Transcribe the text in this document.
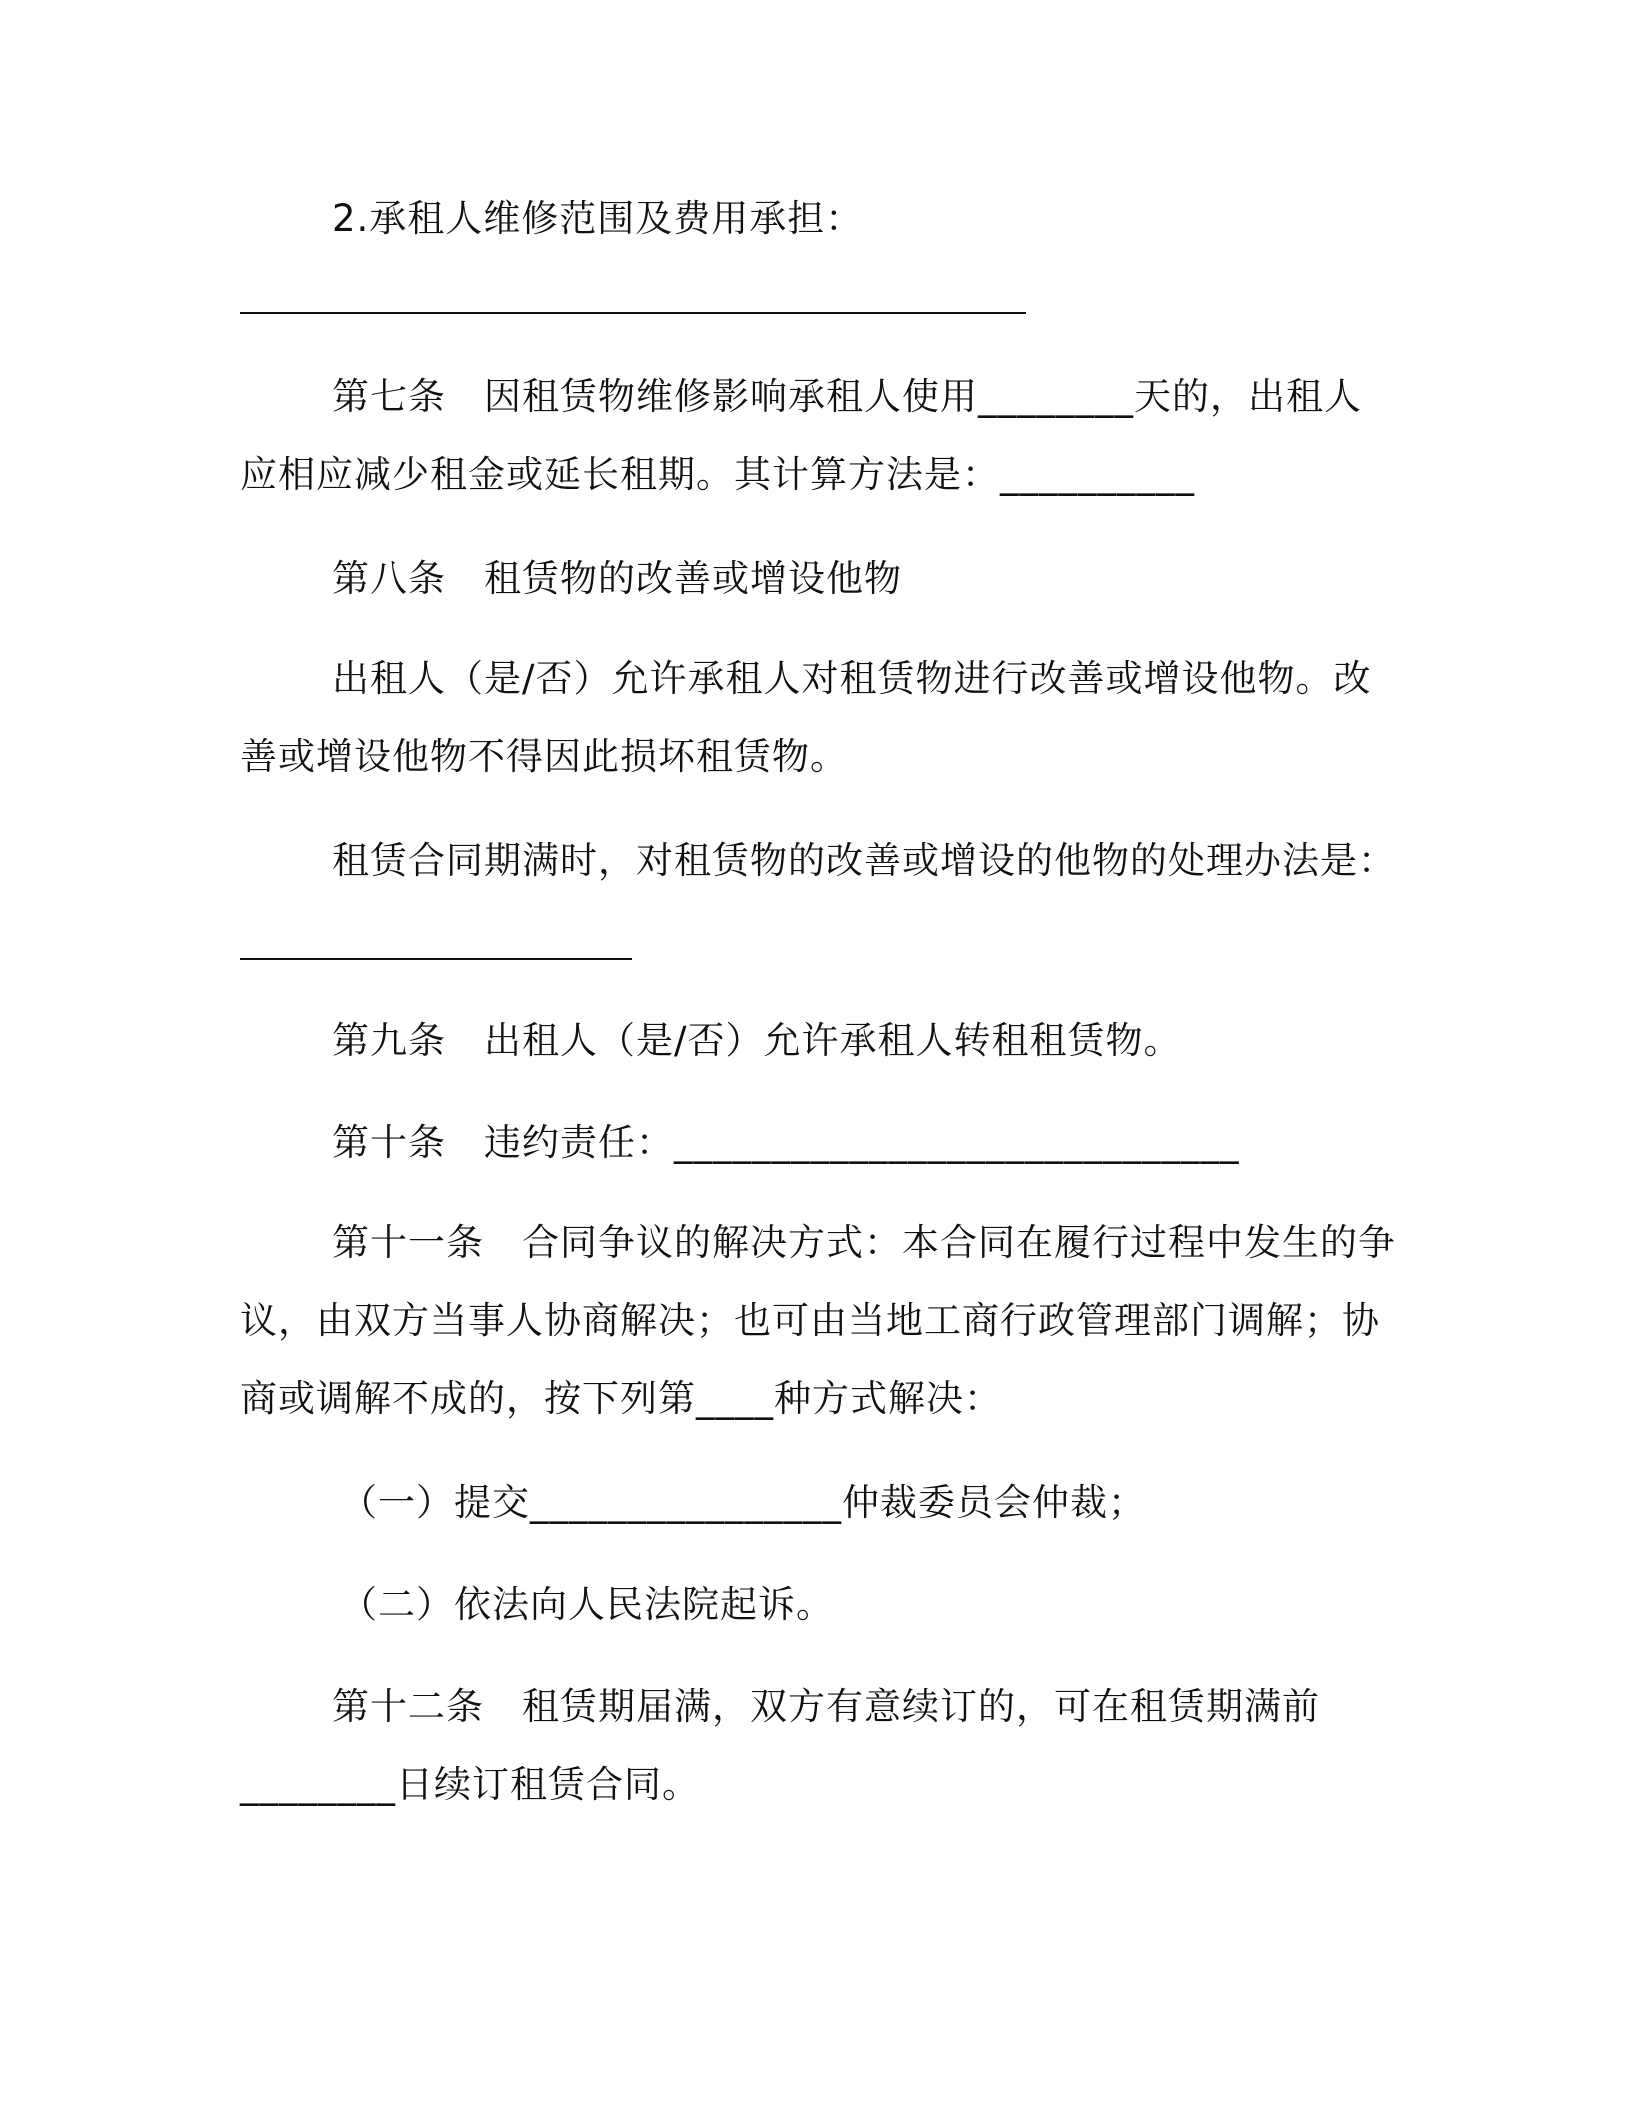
2.承租人维修范围及费用承担：
第七条　因租赁物维修影响承租人使用________天的，出租人
应相应减少租金或延长租期。其计算方法是：__________
第八条　租赁物的改善或增设他物
出租人（是/否）允许承租人对租赁物进行改善或增设他物。改
善或增设他物不得因此损坏租赁物。
租赁合同期满时，对租赁物的改善或增设的他物的处理办法是：
第九条　出租人（是/否）允许承租人转租租赁物。
第十条　违约责任：_____________________________
第十一条　合同争议的解决方式：本合同在履行过程中发生的争
议，由双方当事人协商解决；也可由当地工商行政管理部门调解；协
商或调解不成的，按下列第____种方式解决：
（一）提交________________仲裁委员会仲裁；
（二）依法向人民法院起诉。
第十二条　租赁期届满，双方有意续订的，可在租赁期满前
________日续订租赁合同。
